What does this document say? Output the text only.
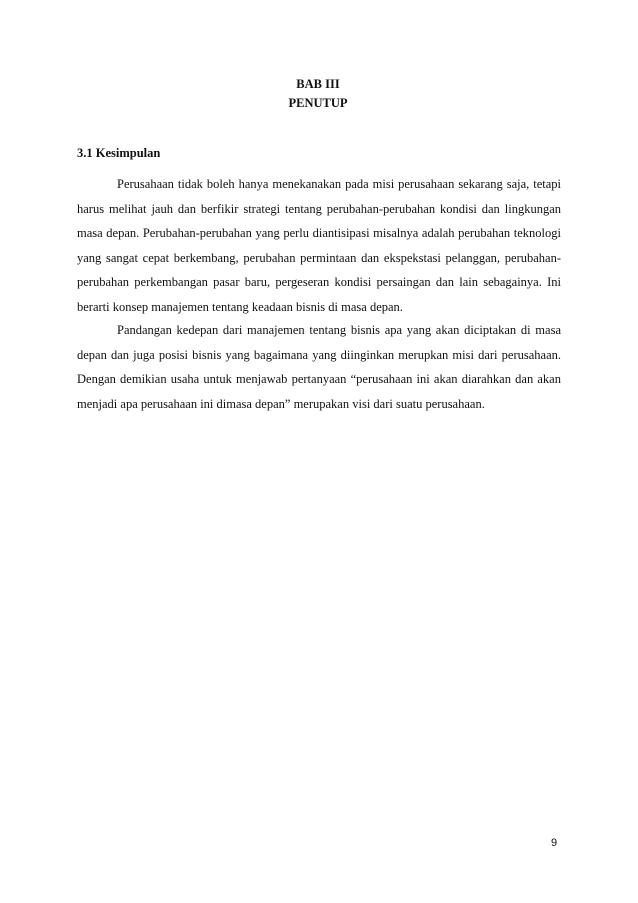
BAB III
PENUTUP
3.1 Kesimpulan

Perusahaan tidak boleh hanya menekanakan pada misi perusahaan sekarang saja, tetapi harus melihat jauh dan berfikir strategi tentang perubahan-perubahan kondisi dan lingkungan masa depan. Perubahan-perubahan yang perlu diantisipasi misalnya adalah perubahan teknologi yang sangat cepat berkembang, perubahan permintaan dan ekspekstasi pelanggan, perubahan-perubahan perkembangan pasar baru, pergeseran kondisi persaingan dan lain sebagainya. Ini berarti konsep manajemen tentang keadaan bisnis di masa depan.

Pandangan kedepan dari manajemen tentang bisnis apa yang akan diciptakan di masa depan dan juga posisi bisnis yang bagaimana yang diinginkan merupkan misi dari perusahaan. Dengan demikian usaha untuk menjawab pertanyaan “perusahaan ini akan diarahkan dan akan menjadi apa perusahaan ini dimasa depan” merupakan visi dari suatu perusahaan.

9
